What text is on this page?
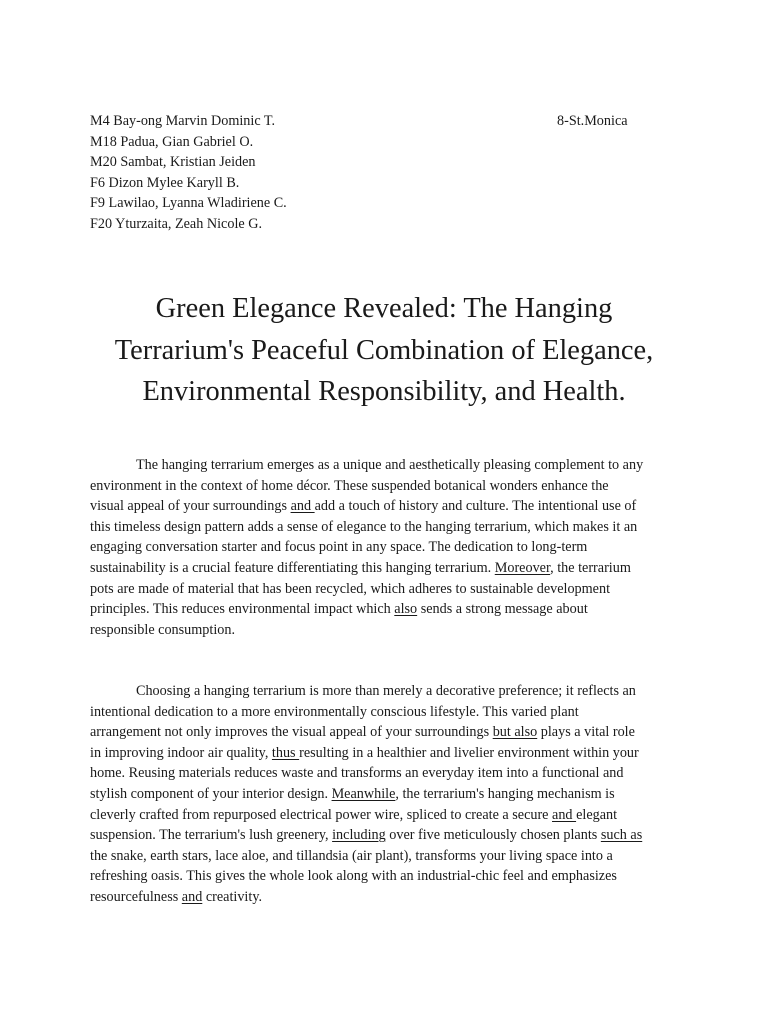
M4 Bay-ong Marvin Dominic T.
M18 Padua, Gian Gabriel O.
M20 Sambat, Kristian Jeiden
F6 Dizon Mylee Karyll B.
F9 Lawilao, Lyanna Wladiriene C.
F20 Yturzaita, Zeah Nicole G.
8-St.Monica
Green Elegance Revealed: The Hanging
Terrarium's Peaceful Combination of Elegance,
Environmental Responsibility, and Health.
The hanging terrarium emerges as a unique and aesthetically pleasing complement to any
environment in the context of home décor. These suspended botanical wonders enhance the
visual appeal of your surroundings and add a touch of history and culture. The intentional use of
this timeless design pattern adds a sense of elegance to the hanging terrarium, which makes it an
engaging conversation starter and focus point in any space. The dedication to long-term
sustainability is a crucial feature differentiating this hanging terrarium. Moreover, the terrarium
pots are made of material that has been recycled, which adheres to sustainable development
principles. This reduces environmental impact which also sends a strong message about
responsible consumption.
Choosing a hanging terrarium is more than merely a decorative preference; it reflects an
intentional dedication to a more environmentally conscious lifestyle. This varied plant
arrangement not only improves the visual appeal of your surroundings but also plays a vital role
in improving indoor air quality, thus resulting in a healthier and livelier environment within your
home. Reusing materials reduces waste and transforms an everyday item into a functional and
stylish component of your interior design. Meanwhile, the terrarium's hanging mechanism is
cleverly crafted from repurposed electrical power wire, spliced to create a secure and elegant
suspension. The terrarium's lush greenery, including over five meticulously chosen plants such as
the snake, earth stars, lace aloe, and tillandsia (air plant), transforms your living space into a
refreshing oasis. This gives the whole look along with an industrial-chic feel and emphasizes
resourcefulness and creativity.
